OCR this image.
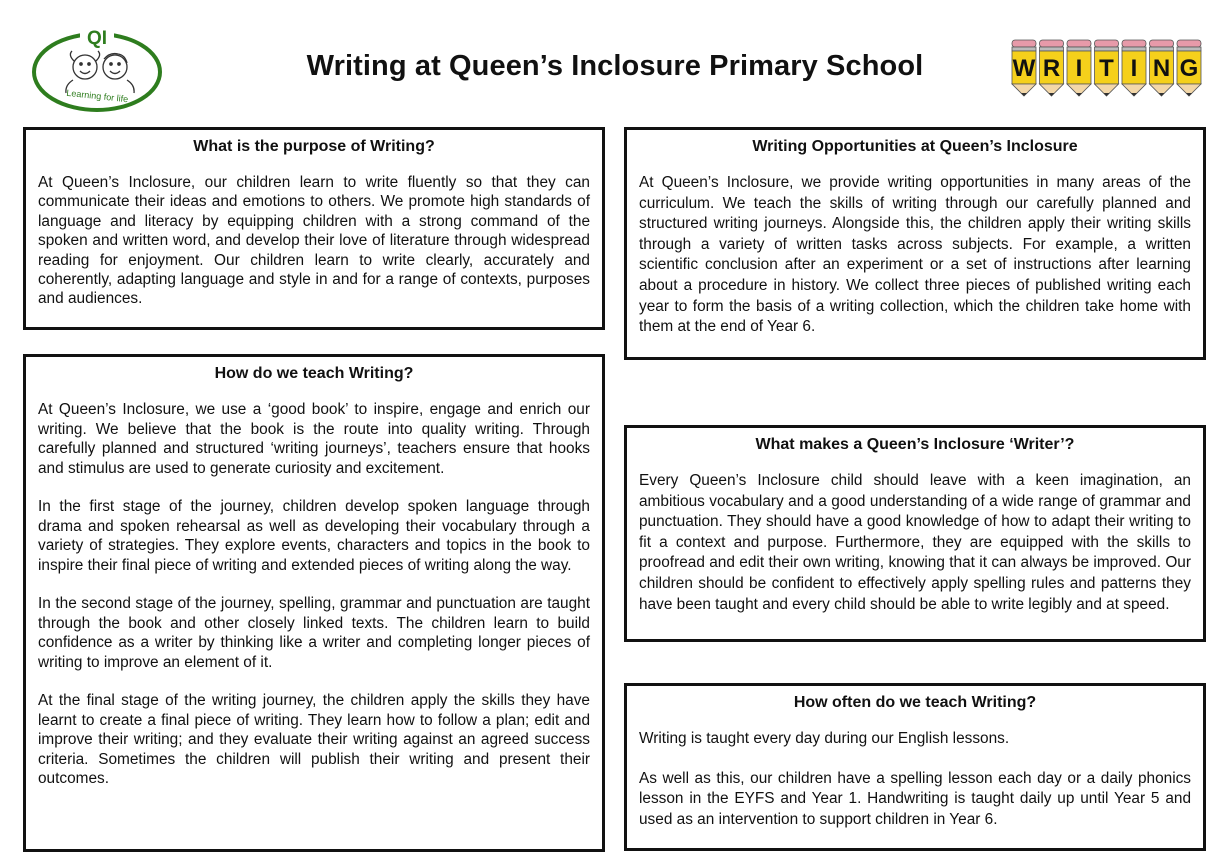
QI
Learning for life
Writing at Queen’s Inclosure Primary School	W R I T I N G
What is the purpose of Writing?

At Queen’s Inclosure, our children learn to write fluently so that they can communicate their ideas and emotions to others. We promote high standards of language and literacy by equipping children with a strong command of the spoken and written word, and develop their love of literature through widespread reading for enjoyment. Our children learn to write clearly, accurately and coherently, adapting language and style in and for a range of contexts, purposes and audiences.

How do we teach Writing?

At Queen’s Inclosure, we use a ‘good book’ to inspire, engage and enrich our writing. We believe that the book is the route into quality writing. Through carefully planned and structured ‘writing journeys’, teachers ensure that hooks and stimulus are used to generate curiosity and excitement.

In the first stage of the journey, children develop spoken language through drama and spoken rehearsal as well as developing their vocabulary through a variety of strategies. They explore events, characters and topics in the book to inspire their final piece of writing and extended pieces of writing along the way.

In the second stage of the journey, spelling, grammar and punctuation are taught through the book and other closely linked texts. The children learn to build confidence as a writer by thinking like a writer and completing longer pieces of writing to improve an element of it.

At the final stage of the writing journey, the children apply the skills they have learnt to create a final piece of writing. They learn how to follow a plan; edit and improve their writing; and they evaluate their writing against an agreed success criteria. Sometimes the children will publish their writing and present their outcomes.

Writing Opportunities at Queen’s Inclosure

At Queen’s Inclosure, we provide writing opportunities in many areas of the curriculum. We teach the skills of writing through our carefully planned and structured writing journeys. Alongside this, the children apply their writing skills through a variety of written tasks across subjects. For example, a written scientific conclusion after an experiment or a set of instructions after learning about a procedure in history. We collect three pieces of published writing each year to form the basis of a writing collection, which the children take home with them at the end of Year 6.

What makes a Queen’s Inclosure ‘Writer’?

Every Queen’s Inclosure child should leave with a keen imagination, an ambitious vocabulary and a good understanding of a wide range of grammar and punctuation. They should have a good knowledge of how to adapt their writing to fit a context and purpose. Furthermore, they are equipped with the skills to proofread and edit their own writing, knowing that it can always be improved. Our children should be confident to effectively apply spelling rules and patterns they have been taught and every child should be able to write legibly and at speed.

How often do we teach Writing?

Writing is taught every day during our English lessons.

As well as this, our children have a spelling lesson each day or a daily phonics lesson in the EYFS and Year 1. Handwriting is taught daily up until Year 5 and used as an intervention to support children in Year 6.
